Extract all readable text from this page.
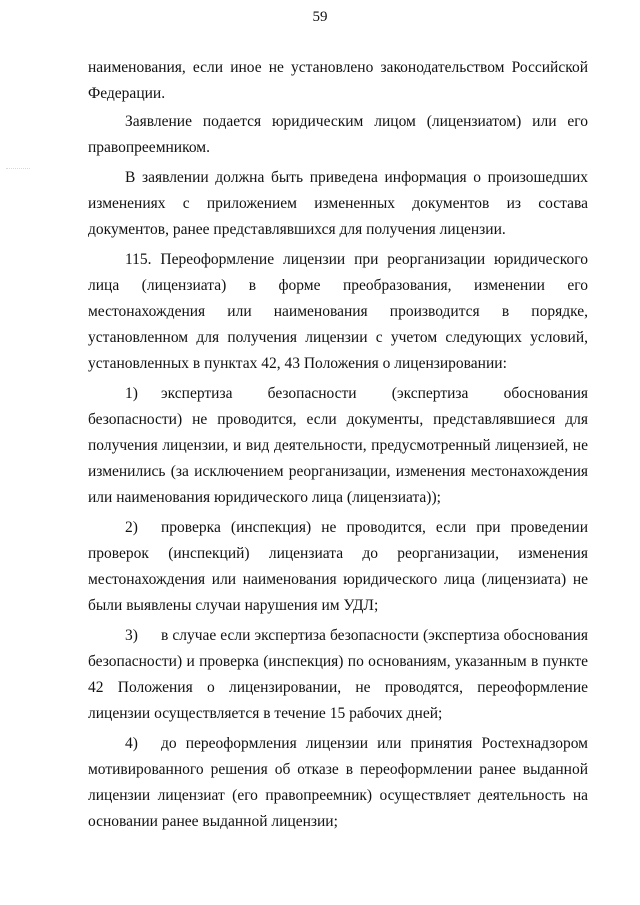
59

наименования, если иное не установлено законодательством Российской Федерации.

Заявление подается юридическим лицом (лицензиатом) или его правопреемником.

В заявлении должна быть приведена информация о произошедших изменениях с приложением измененных документов из состава документов, ранее представлявшихся для получения лицензии.

115. Переоформление лицензии при реорганизации юридического лица (лицензиата) в форме преобразования, изменении его местонахождения или наименования производится в порядке, установленном для получения лицензии с учетом следующих условий, установленных в пунктах 42, 43 Положения о лицензировании:

1) экспертиза безопасности (экспертиза обоснования безопасности) не проводится, если документы, представлявшиеся для получения лицензии, и вид деятельности, предусмотренный лицензией, не изменились (за исключением реорганизации, изменения местонахождения или наименования юридического лица (лицензиата));

2) проверка (инспекция) не проводится, если при проведении проверок (инспекций) лицензиата до реорганизации, изменения местонахождения или наименования юридического лица (лицензиата) не были выявлены случаи нарушения им УДЛ;

3) в случае если экспертиза безопасности (экспертиза обоснования безопасности) и проверка (инспекция) по основаниям, указанным в пункте 42 Положения о лицензировании, не проводятся, переоформление лицензии осуществляется в течение 15 рабочих дней;

4) до переоформления лицензии или принятия Ростехнадзором мотивированного решения об отказе в переоформлении ранее выданной лицензии лицензиат (его правопреемник) осуществляет деятельность на основании ранее выданной лицензии;
